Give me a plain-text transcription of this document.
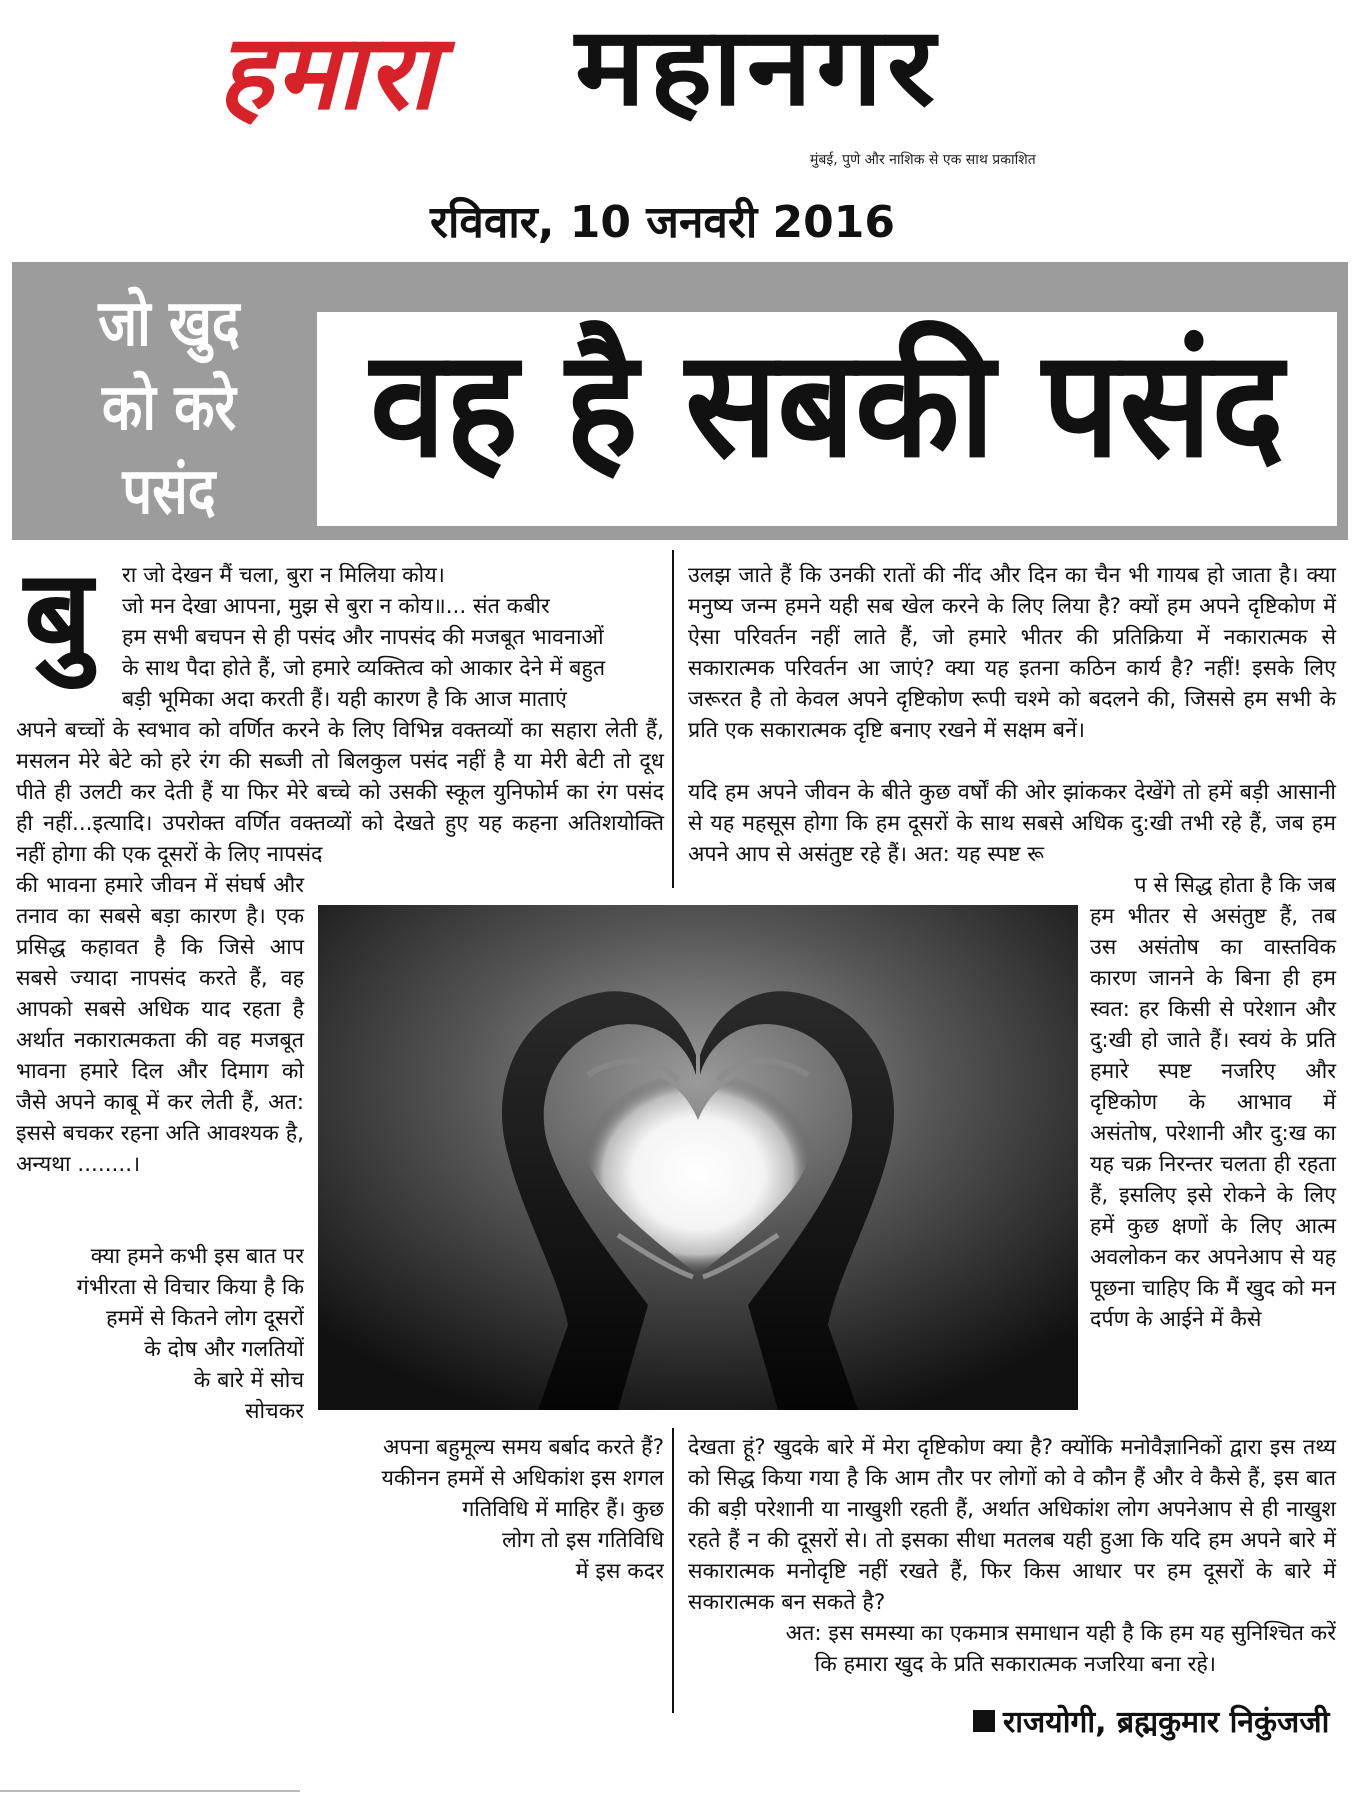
हमारा महानगर
मुंबई, पुणे और नाशिक से एक साथ प्रकाशित
रविवार, 10 जनवरी 2016
जो खुद
को करे
पसंद
वह है सबकी पसंद
बु रा जो देखन मैं चला, बुरा न मिलिया कोय।
जो मन देखा आपना, मुझ से बुरा न कोय॥... संत कबीर
हम सभी बचपन से ही पसंद और नापसंद की मजबूत भावनाओं
के साथ पैदा होते हैं, जो हमारे व्यक्तित्व को आकार देने में बहुत
बड़ी भूमिका अदा करती हैं। यही कारण है कि आज माताएं

अपने बच्चों के स्वभाव को वर्णित करने के लिए विभिन्न वक्तव्यों का सहारा लेती हैं, मसलन मेरे बेटे को हरे रंग की सब्जी तो बिलकुल पसंद नहीं है या मेरी बेटी तो दूध पीते ही उलटी कर देती हैं या फिर मेरे बच्चे को उसकी स्कूल युनिफोर्म का रंग पसंद ही नहीं...इत्यादि। उपरोक्त वर्णित वक्तव्यों को देखते हुए यह कहना अतिशयोक्ति नहीं होगा की एक दूसरों के लिए नापसंद

की भावना हमारे जीवन में संघर्ष और तनाव का सबसे बड़ा कारण है। एक प्रसिद्ध कहावत है कि जिसे आप सबसे ज्यादा नापसंद करते हैं, वह आपको सबसे अधिक याद रहता है अर्थात नकारात्मकता की वह मजबूत भावना हमारे दिल और दिमाग को जैसे अपने काबू में कर लेती हैं, अत: इससे बचकर रहना अति आवश्यक है, अन्यथा ........।

क्या हमने कभी इस बात पर
गंभीरता से विचार किया है कि
हममें से कितने लोग दूसरों
के दोष और गलतियों
के बारे में सोच
सोचकर
अपना बहुमूल्य समय बर्बाद करते हैं?
यकीनन हममें से अधिकांश इस शगल
गतिविधि में माहिर हैं। कुछ
लोग तो इस गतिविधि
में इस कदर

उलझ जाते हैं कि उनकी रातों की नींद और दिन का चैन भी गायब हो जाता है। क्या मनुष्य जन्म हमने यही सब खेल करने के लिए लिया है? क्यों हम अपने दृष्टिकोण में ऐसा परिवर्तन नहीं लाते हैं, जो हमारे भीतर की प्रतिक्रिया में नकारात्मक से सकारात्मक परिवर्तन आ जाएं? क्या यह इतना कठिन कार्य है? नहीं! इसके लिए जरूरत है तो केवल अपने दृष्टिकोण रूपी चश्मे को बदलने की, जिससे हम सभी के प्रति एक सकारात्मक दृष्टि बनाए रखने में सक्षम बनें।

यदि हम अपने जीवन के बीते कुछ वर्षों की ओर झांककर देखेंगे तो हमें बड़ी आसानी से यह महसूस होगा कि हम दूसरों के साथ सबसे अधिक दु:खी तभी रहे हैं, जब हम अपने आप से असंतुष्ट रहे हैं। अत: यह स्पष्ट रू

प से सिद्ध होता है कि जब

हम भीतर से असंतुष्ट हैं, तब उस असंतोष का वास्तविक कारण जानने के बिना ही हम स्वत: हर किसी से परेशान और दु:खी हो जाते हैं। स्वयं के प्रति हमारे स्पष्ट नजरिए और दृष्टिकोण के आभाव में असंतोष, परेशानी और दु:ख का यह चक्र निरन्तर चलता ही रहता हैं, इसलिए इसे रोकने के लिए हमें कुछ क्षणों के लिए आत्म अवलोकन कर अपनेआप से यह पूछना चाहिए कि मैं खुद को मन दर्पण के आईने में कैसे

देखता हूं? खुदके बारे में मेरा दृष्टिकोण क्या है? क्योंकि मनोवैज्ञानिकों द्वारा इस तथ्य को सिद्ध किया गया है कि आम तौर पर लोगों को वे कौन हैं और वे कैसे हैं, इस बात की बड़ी परेशानी या नाखुशी रहती हैं, अर्थात अधिकांश लोग अपनेआप से ही नाखुश रहते हैं न की दूसरों से। तो इसका सीधा मतलब यही हुआ कि यदि हम अपने बारे में सकारात्मक मनोदृष्टि नहीं रखते हैं, फिर किस आधार पर हम दूसरों के बारे में सकारात्मक बन सकते है?

अत: इस समस्या का एकमात्र समाधान यही है कि हम यह सुनिश्चित करें
कि हमारा खुद के प्रति सकारात्मक नजरिया बना रहे।
राजयोगी, ब्रह्मकुमार निकुंजजी
